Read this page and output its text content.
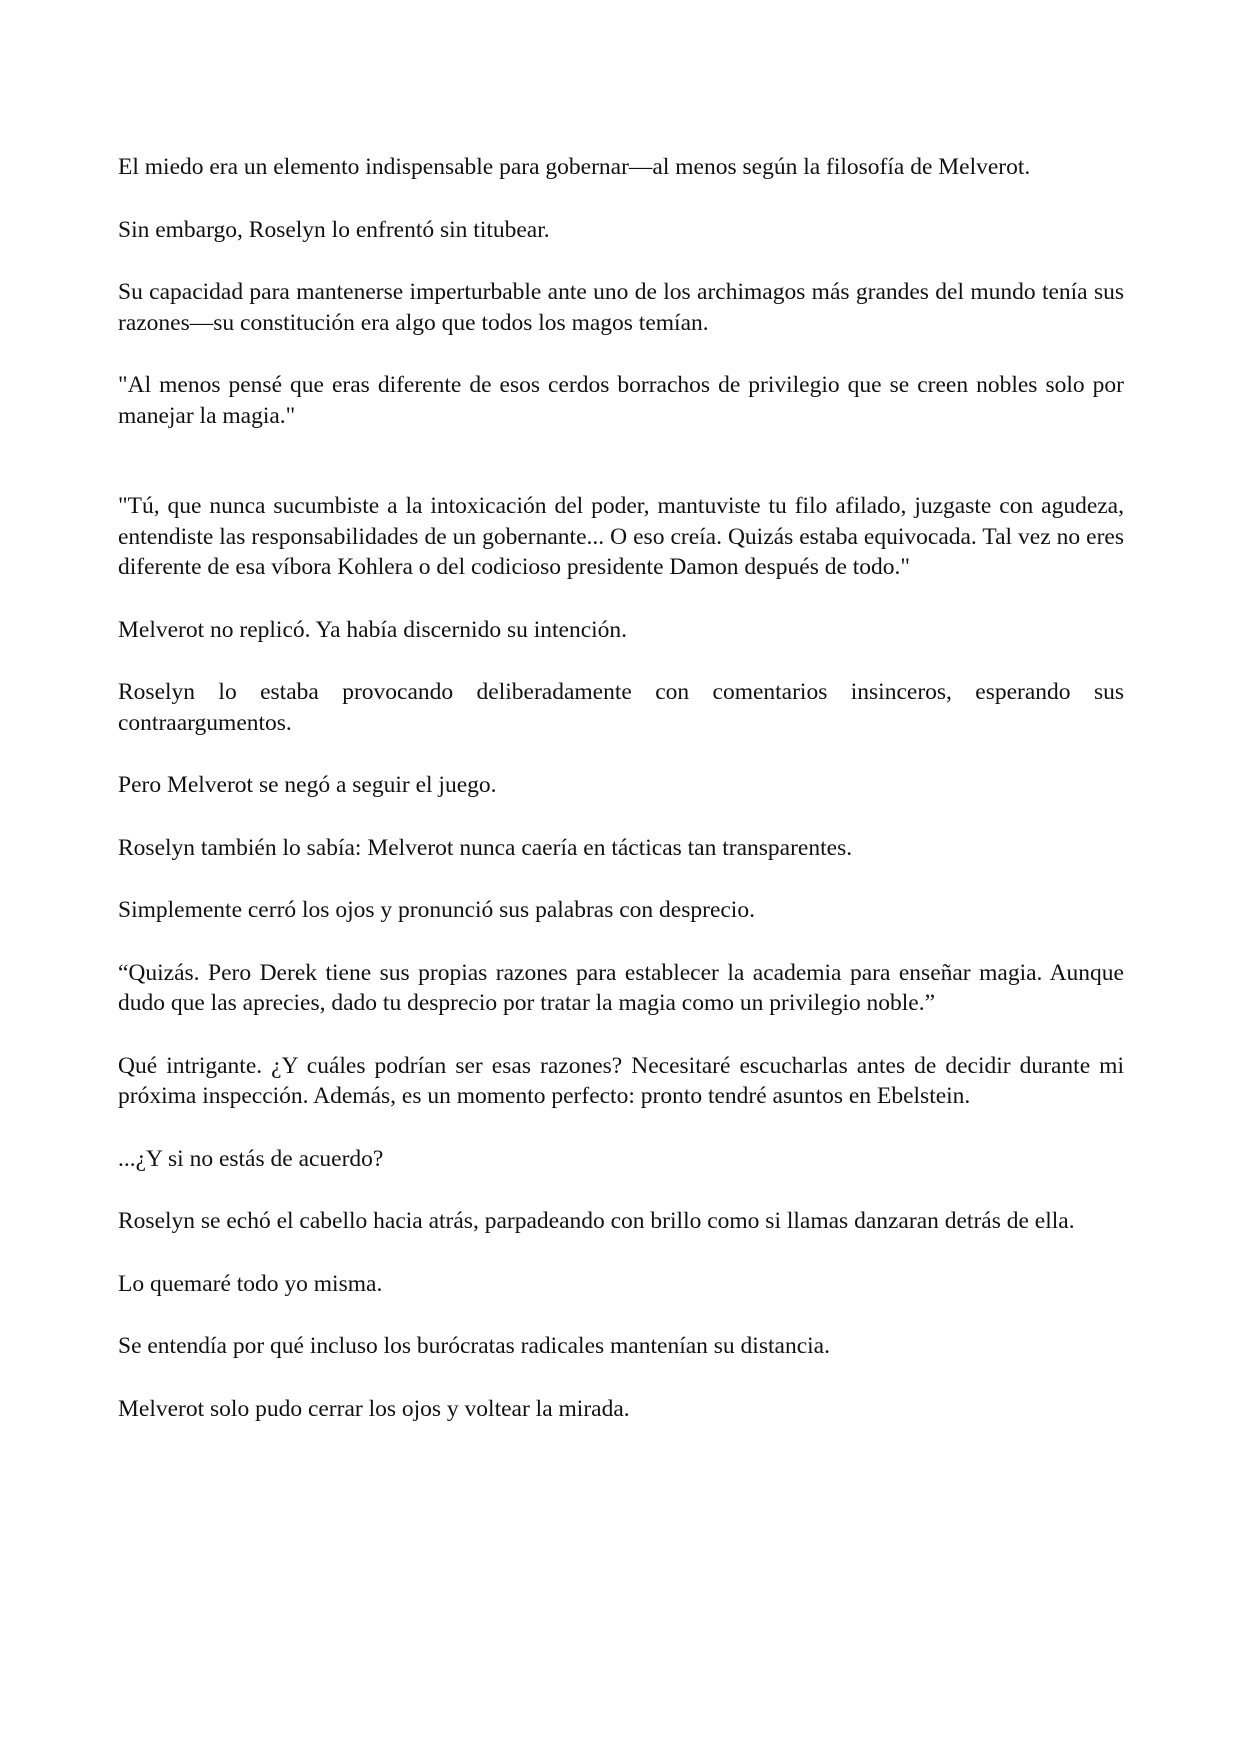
El miedo era un elemento indispensable para gobernar—al menos según la filosofía de Melverot.

Sin embargo, Roselyn lo enfrentó sin titubear.

Su capacidad para mantenerse imperturbable ante uno de los archimagos más grandes del mundo tenía sus razones—su constitución era algo que todos los magos temían.

"Al menos pensé que eras diferente de esos cerdos borrachos de privilegio que se creen nobles solo por manejar la magia."

"Tú, que nunca sucumbiste a la intoxicación del poder, mantuviste tu filo afilado, juzgaste con agudeza, entendiste las responsabilidades de un gobernante... O eso creía. Quizás estaba equivocada. Tal vez no eres diferente de esa víbora Kohlera o del codicioso presidente Damon después de todo."

Melverot no replicó. Ya había discernido su intención.

Roselyn lo estaba provocando deliberadamente con comentarios insinceros, esperando sus contraargumentos.

Pero Melverot se negó a seguir el juego.

Roselyn también lo sabía: Melverot nunca caería en tácticas tan transparentes.

Simplemente cerró los ojos y pronunció sus palabras con desprecio.

“Quizás. Pero Derek tiene sus propias razones para establecer la academia para enseñar magia. Aunque dudo que las aprecies, dado tu desprecio por tratar la magia como un privilegio noble.”

Qué intrigante. ¿Y cuáles podrían ser esas razones? Necesitaré escucharlas antes de decidir durante mi próxima inspección. Además, es un momento perfecto: pronto tendré asuntos en Ebelstein.

...¿Y si no estás de acuerdo?

Roselyn se echó el cabello hacia atrás, parpadeando con brillo como si llamas danzaran detrás de ella.

Lo quemaré todo yo misma.

Se entendía por qué incluso los burócratas radicales mantenían su distancia.

Melverot solo pudo cerrar los ojos y voltear la mirada.
